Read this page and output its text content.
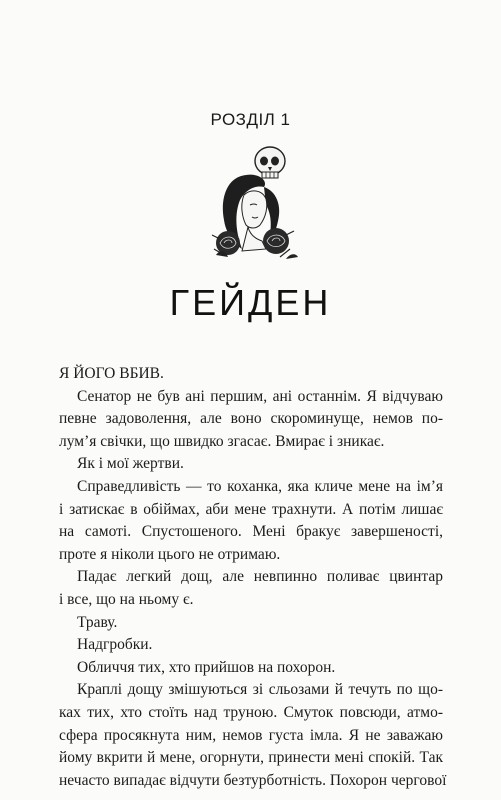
РОЗДІЛ 1
ГЕЙДЕН

Я ЙОГО ВБИВ.

Сенатор не був ані першим, ані останнім. Я відчуваю
певне задоволення, але воно скороминуще, немов по-
лум’я свічки, що швидко згасає. Вмирає і зникає.

Як і мої жертви.

Справедливість — то коханка, яка кличе мене на ім’я
і затискає в обіймах, аби мене трахнути. А потім лишає
на самоті. Спустошеного. Мені бракує завершеності,
проте я ніколи цього не отримаю.

Падає легкий дощ, але невпинно поливає цвинтар
і все, що на ньому є.

Траву.

Надгробки.

Обличчя тих, хто прийшов на похорон.

Краплі дощу змішуються зі сльозами й течуть по що-
ках тих, хто стоїть над труною. Смуток повсюди, атмо-
сфера просякнута ним, немов густа імла. Я не заважаю
йому вкрити й мене, огорнути, принести мені спокій. Так
нечасто випадає відчути безтурботність. Похорон чергової
